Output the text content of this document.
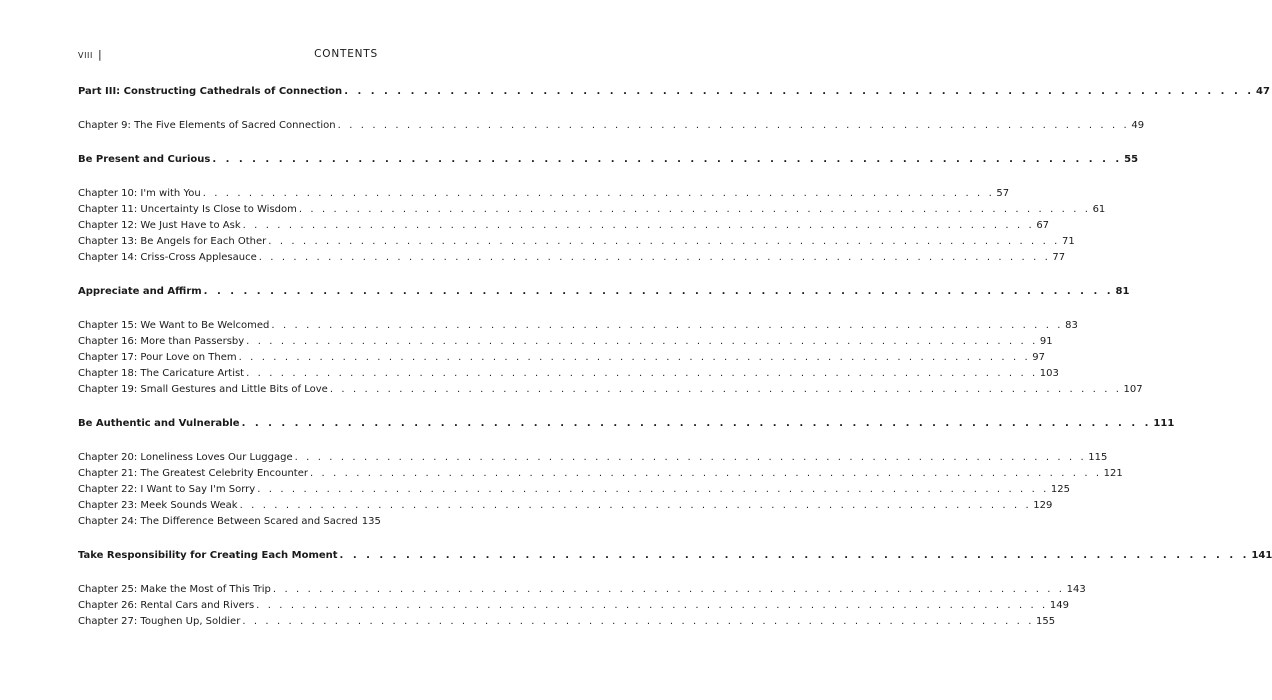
viii |	CONTENTS
Part III: Constructing Cathedrals of Connection . . .	47
Chapter 9: The Five Elements of Sacred Connection . . .	49
Be Present and Curious . . .	55
Chapter 10: I'm with You . . .	57
Chapter 11: Uncertainty Is Close to Wisdom . . .	61
Chapter 12: We Just Have to Ask . . .	67
Chapter 13: Be Angels for Each Other . . .	71
Chapter 14: Criss-Cross Applesauce . . .	77
Appreciate and Affirm . . .	81
Chapter 15: We Want to Be Welcomed . . .	83
Chapter 16: More than Passersby . . .	91
Chapter 17: Pour Love on Them . . .	97
Chapter 18: The Caricature Artist . . .	103
Chapter 19: Small Gestures and Little Bits of Love . . .	107
Be Authentic and Vulnerable . . .	111
Chapter 20: Loneliness Loves Our Luggage . . .	115
Chapter 21: The Greatest Celebrity Encounter . . .	121
Chapter 22: I Want to Say I'm Sorry . . .	125
Chapter 23: Meek Sounds Weak . . .	129
Chapter 24: The Difference Between Scared and Sacred 135
Take Responsibility for Creating Each Moment . . .	141
Chapter 25: Make the Most of This Trip . . .	143
Chapter 26: Rental Cars and Rivers . . .	149
Chapter 27: Toughen Up, Soldier . . .	155
